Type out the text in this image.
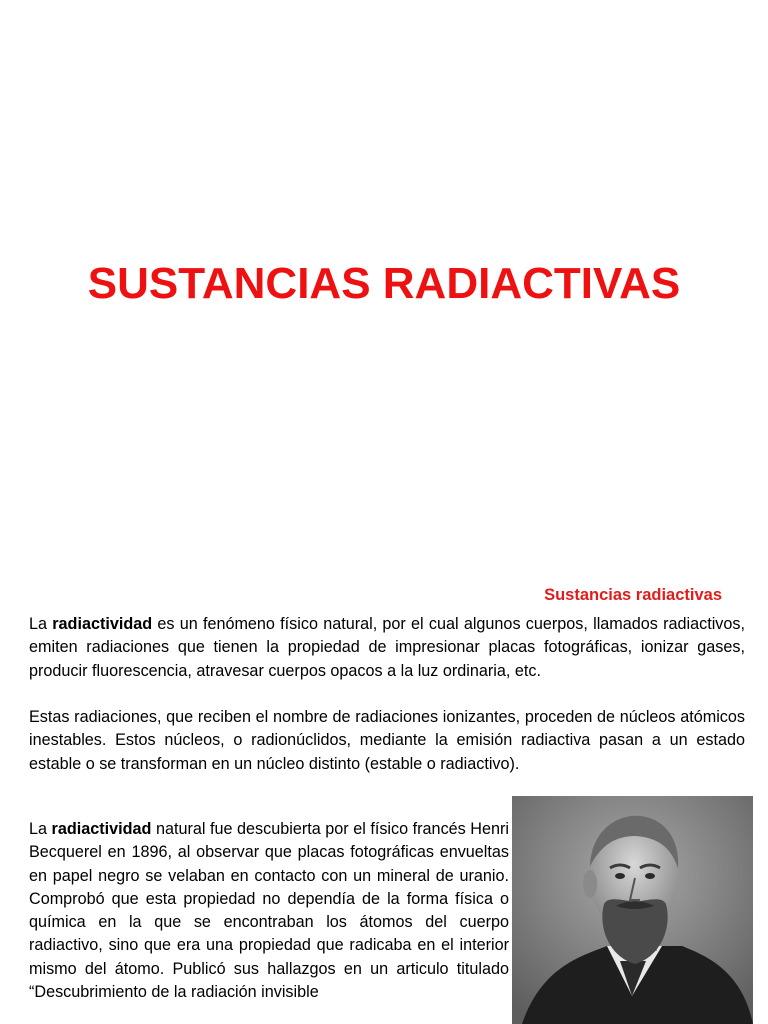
SUSTANCIAS RADIACTIVAS
Sustancias radiactivas

La radiactividad es un fenómeno físico natural, por el cual algunos cuerpos, llamados radiactivos, emiten radiaciones que tienen la propiedad de impresionar placas fotográficas, ionizar gases, producir fluorescencia, atravesar cuerpos opacos a la luz ordinaria, etc.

Estas radiaciones, que reciben el nombre de radiaciones ionizantes, proceden de núcleos atómicos inestables. Estos núcleos, o radionúclidos, mediante la emisión radiactiva pasan a un estado estable o se transforman en un núcleo distinto (estable o radiactivo).

La radiactividad natural fue descubierta por el físico francés Henri Becquerel en 1896, al observar que placas fotográficas envueltas en papel negro se velaban en contacto con un mineral de uranio. Comprobó que esta propiedad no dependía de la forma física o química en la que se encontraban los átomos del cuerpo radiactivo, sino que era una propiedad que radicaba en el interior mismo del átomo. Publicó sus hallazgos en un articulo titulado “Descubrimiento de la radiación invisible
